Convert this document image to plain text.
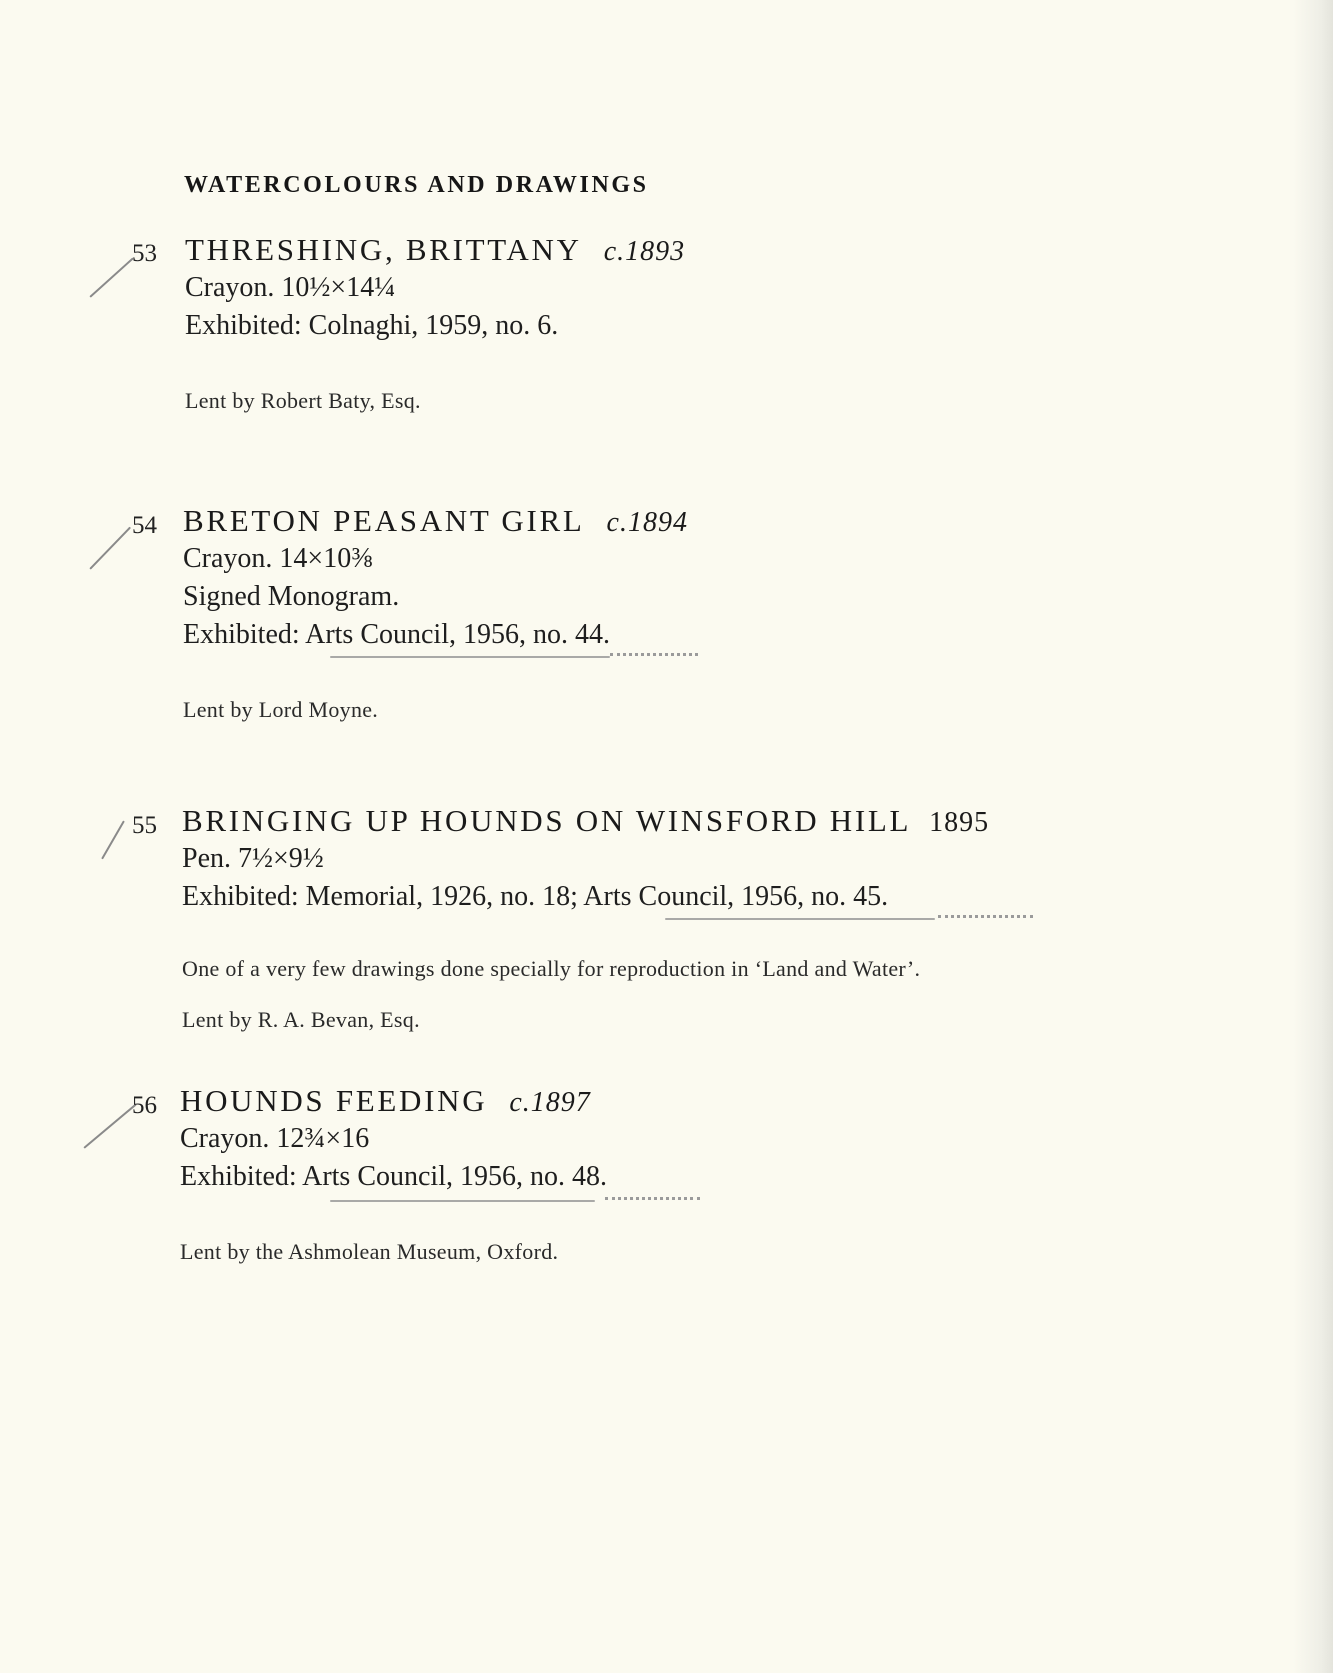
WATERCOLOURS AND DRAWINGS
53 THRESHING, BRITTANY c.1893
Crayon. 10½×14¼
Exhibited: Colnaghi, 1959, no. 6.
Lent by Robert Baty, Esq.
54 BRETON PEASANT GIRL c.1894
Crayon. 14×10⅜
Signed Monogram.
Exhibited: Arts Council, 1956, no. 44.
Lent by Lord Moyne.
55 BRINGING UP HOUNDS ON WINSFORD HILL 1895
Pen. 7½×9½
Exhibited: Memorial, 1926, no. 18; Arts Council, 1956, no. 45.
One of a very few drawings done specially for reproduction in ‘Land and Water’.
Lent by R. A. Bevan, Esq.
56 HOUNDS FEEDING c.1897
Crayon. 12¾×16
Exhibited: Arts Council, 1956, no. 48.
Lent by the Ashmolean Museum, Oxford.
